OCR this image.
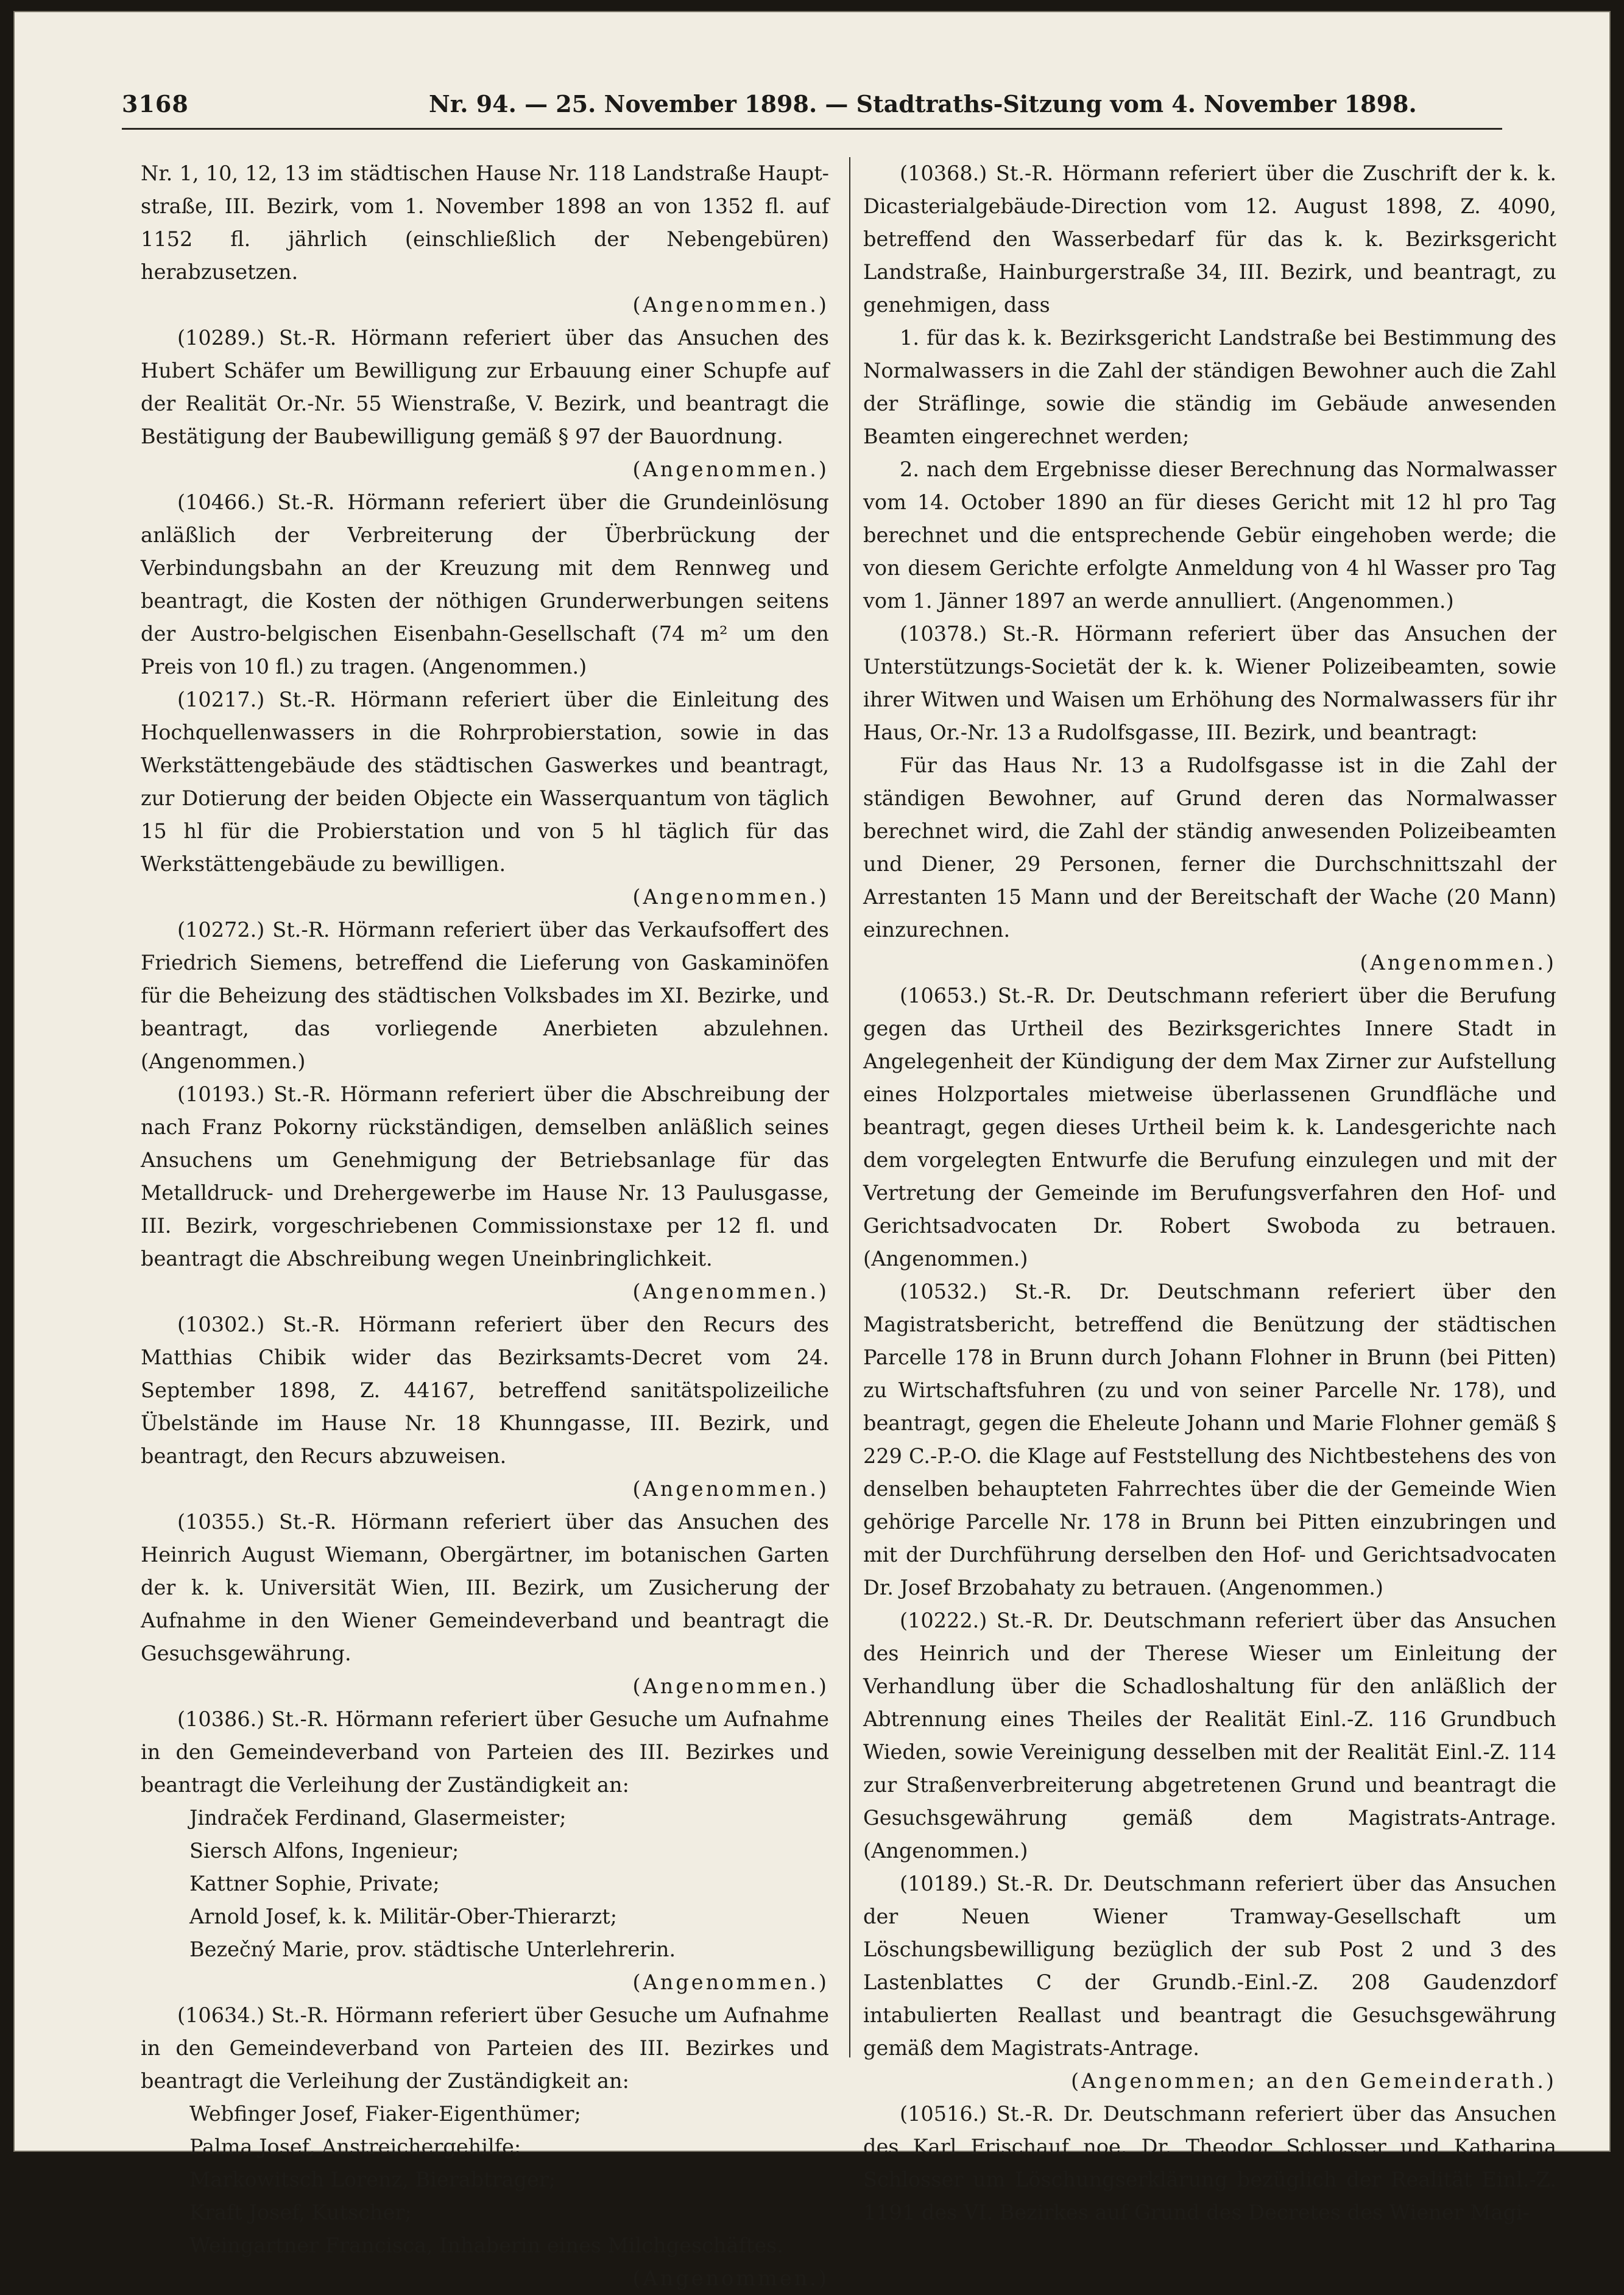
3168	Nr. 94. — 25. November 1898. — Stadtraths-Sitzung vom 4. November 1898.

Nr. 1, 10, 12, 13 im städtischen Hause Nr. 118 Landstraße Haupt-straße, III. Bezirk, vom 1. November 1898 an von 1352 fl. auf 1152 fl. jährlich (einschließlich der Nebengebüren) herabzusetzen.

(Angenommen.)

(10289.) St.-R. Hörmann referiert über das Ansuchen des Hubert Schäfer um Bewilligung zur Erbauung einer Schupfe auf der Realität Or.-Nr. 55 Wienstraße, V. Bezirk, und beantragt die Bestätigung der Baubewilligung gemäß § 97 der Bauordnung.

(Angenommen.)

(10466.) St.-R. Hörmann referiert über die Grundeinlösung anläßlich der Verbreiterung der Überbrückung der Verbindungsbahn an der Kreuzung mit dem Rennweg und beantragt, die Kosten der nöthigen Grunderwerbungen seitens der Austro-belgischen Eisenbahn-Gesellschaft (74 m² um den Preis von 10 fl.) zu tragen. (Angenommen.)

(10217.) St.-R. Hörmann referiert über die Einleitung des Hochquellenwassers in die Rohrprobierstation, sowie in das Werkstättengebäude des städtischen Gaswerkes und beantragt, zur Dotierung der beiden Objecte ein Wasserquantum von täglich 15 hl für die Probierstation und von 5 hl täglich für das Werkstättengebäude zu bewilligen.

(Angenommen.)

(10272.) St.-R. Hörmann referiert über das Verkaufsoffert des Friedrich Siemens, betreffend die Lieferung von Gaskaminöfen für die Beheizung des städtischen Volksbades im XI. Bezirke, und beantragt, das vorliegende Anerbieten abzulehnen. (Angenommen.)

(10193.) St.-R. Hörmann referiert über die Abschreibung der nach Franz Pokorny rückständigen, demselben anläßlich seines Ansuchens um Genehmigung der Betriebsanlage für das Metalldruck- und Drehergewerbe im Hause Nr. 13 Paulusgasse, III. Bezirk, vorgeschriebenen Commissionstaxe per 12 fl. und beantragt die Abschreibung wegen Uneinbringlichkeit.

(Angenommen.)

(10302.) St.-R. Hörmann referiert über den Recurs des Matthias Chibik wider das Bezirksamts-Decret vom 24. September 1898, Z. 44167, betreffend sanitätspolizeiliche Übelstände im Hause Nr. 18 Khunngasse, III. Bezirk, und beantragt, den Recurs abzuweisen.

(Angenommen.)

(10355.) St.-R. Hörmann referiert über das Ansuchen des Heinrich August Wiemann, Obergärtner, im botanischen Garten der k. k. Universität Wien, III. Bezirk, um Zusicherung der Aufnahme in den Wiener Gemeindeverband und beantragt die Gesuchsgewährung.

(Angenommen.)

(10386.) St.-R. Hörmann referiert über Gesuche um Aufnahme in den Gemeindeverband von Parteien des III. Bezirkes und beantragt die Verleihung der Zuständigkeit an:

Jindraček Ferdinand, Glasermeister;

Siersch Alfons, Ingenieur;

Kattner Sophie, Private;

Arnold Josef, k. k. Militär-Ober-Thierarzt;

Bezečný Marie, prov. städtische Unterlehrerin.

(Angenommen.)

(10634.) St.-R. Hörmann referiert über Gesuche um Aufnahme in den Gemeindeverband von Parteien des III. Bezirkes und beantragt die Verleihung der Zuständigkeit an:

Webfinger Josef, Fiaker-Eigenthümer;

Palma Josef, Anstreichergehilfe;

Markowitsch Lorenz, Bierabtrager;

Kraft Josef, Kutscher;

Weingartner Francisca, Inhaberin eines Milchgeschäftes.

(Angenommen.)

(10368.) St.-R. Hörmann referiert über die Zuschrift der k. k. Dicasterialgebäude-Direction vom 12. August 1898, Z. 4090, betreffend den Wasserbedarf für das k. k. Bezirksgericht Landstraße, Hainburgerstraße 34, III. Bezirk, und beantragt, zu genehmigen, dass

1. für das k. k. Bezirksgericht Landstraße bei Bestimmung des Normalwassers in die Zahl der ständigen Bewohner auch die Zahl der Sträflinge, sowie die ständig im Gebäude anwesenden Beamten eingerechnet werden;

2. nach dem Ergebnisse dieser Berechnung das Normalwasser vom 14. October 1890 an für dieses Gericht mit 12 hl pro Tag berechnet und die entsprechende Gebür eingehoben werde; die von diesem Gerichte erfolgte Anmeldung von 4 hl Wasser pro Tag vom 1. Jänner 1897 an werde annulliert. (Angenommen.)

(10378.) St.-R. Hörmann referiert über das Ansuchen der Unterstützungs-Societät der k. k. Wiener Polizeibeamten, sowie ihrer Witwen und Waisen um Erhöhung des Normalwassers für ihr Haus, Or.-Nr. 13 a Rudolfsgasse, III. Bezirk, und beantragt:

Für das Haus Nr. 13 a Rudolfsgasse ist in die Zahl der ständigen Bewohner, auf Grund deren das Normalwasser berechnet wird, die Zahl der ständig anwesenden Polizeibeamten und Diener, 29 Personen, ferner die Durchschnittszahl der Arrestanten 15 Mann und der Bereitschaft der Wache (20 Mann) einzurechnen.

(Angenommen.)

(10653.) St.-R. Dr. Deutschmann referiert über die Berufung gegen das Urtheil des Bezirksgerichtes Innere Stadt in Angelegenheit der Kündigung der dem Max Zirner zur Aufstellung eines Holzportales mietweise überlassenen Grundfläche und beantragt, gegen dieses Urtheil beim k. k. Landesgerichte nach dem vorgelegten Entwurfe die Berufung einzulegen und mit der Vertretung der Gemeinde im Berufungsverfahren den Hof- und Gerichtsadvocaten Dr. Robert Swoboda zu betrauen. (Angenommen.)

(10532.) St.-R. Dr. Deutschmann referiert über den Magistratsbericht, betreffend die Benützung der städtischen Parcelle 178 in Brunn durch Johann Flohner in Brunn (bei Pitten) zu Wirtschaftsfuhren (zu und von seiner Parcelle Nr. 178), und beantragt, gegen die Eheleute Johann und Marie Flohner gemäß § 229 C.-P.-O. die Klage auf Feststellung des Nichtbestehens des von denselben behaupteten Fahrrechtes über die der Gemeinde Wien gehörige Parcelle Nr. 178 in Brunn bei Pitten einzubringen und mit der Durchführung derselben den Hof- und Gerichtsadvocaten Dr. Josef Brzobahaty zu betrauen. (Angenommen.)

(10222.) St.-R. Dr. Deutschmann referiert über das Ansuchen des Heinrich und der Therese Wieser um Einleitung der Verhandlung über die Schadloshaltung für den anläßlich der Abtrennung eines Theiles der Realität Einl.-Z. 116 Grundbuch Wieden, sowie Vereinigung desselben mit der Realität Einl.-Z. 114 zur Straßenverbreiterung abgetretenen Grund und beantragt die Gesuchsgewährung gemäß dem Magistrats-Antrage. (Angenommen.)

(10189.) St.-R. Dr. Deutschmann referiert über das Ansuchen der Neuen Wiener Tramway-Gesellschaft um Löschungsbewilligung bezüglich der sub Post 2 und 3 des Lastenblattes C der Grundb.-Einl.-Z. 208 Gaudenzdorf intabulierten Reallast und beantragt die Gesuchsgewährung gemäß dem Magistrats-Antrage.

(Angenommen; an den Gemeinderath.)

(10516.) St.-R. Dr. Deutschmann referiert über das Ansuchen des Karl Frischauf noe. Dr. Theodor Schlosser und Katharina Schlosser um Löschungserklärung bezüglich der Realität Einl.-Z. 1191 des VI. Bezirkes auf Grund des Decretes des Wiener Magi-
